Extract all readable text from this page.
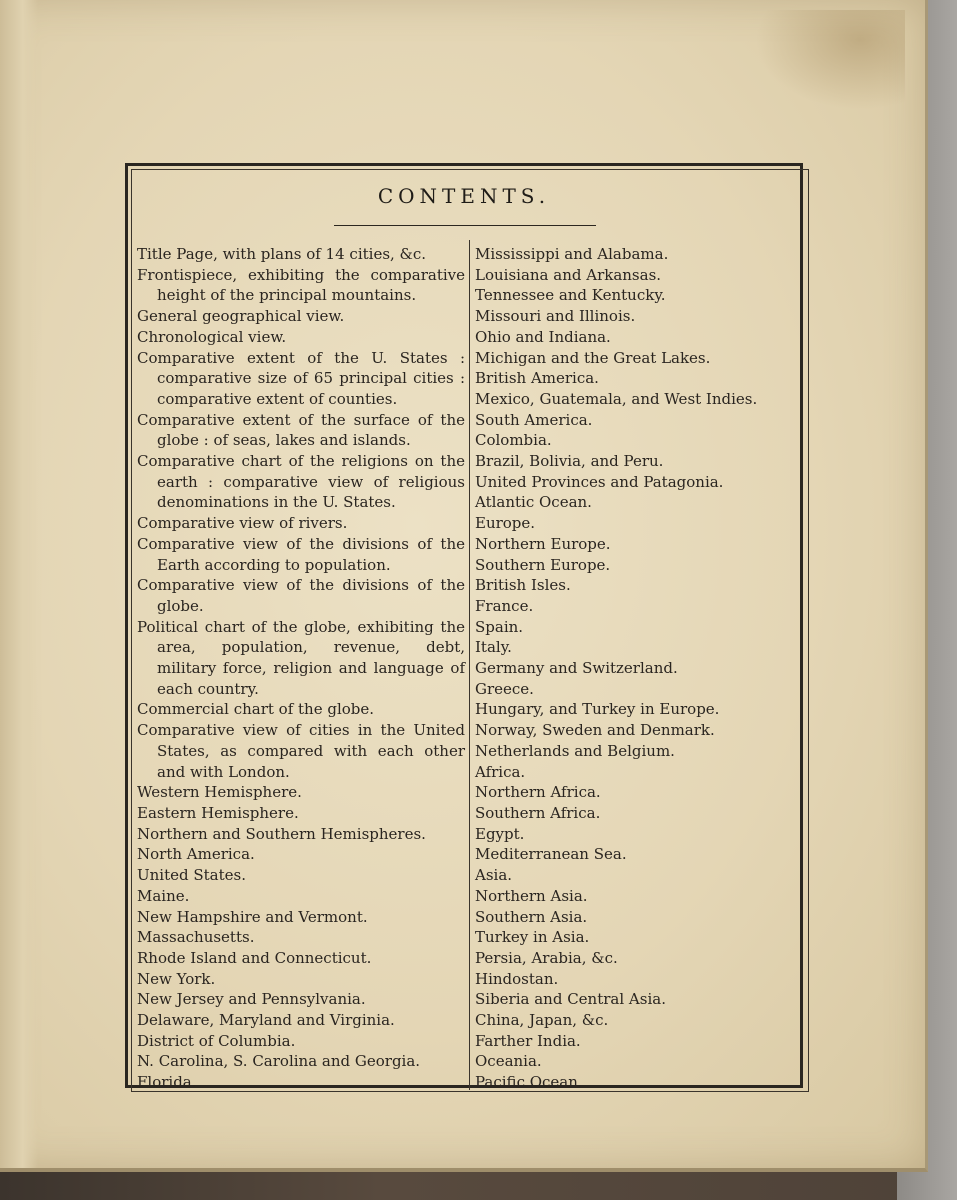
CONTENTS.
Title Page, with plans of 14 cities, &c.
Frontispiece, exhibiting the comparative height of the principal mountains.
General geographical view.
Chronological view.
Comparative extent of the U. States : comparative size of 65 principal cities : comparative extent of counties.
Comparative extent of the surface of the globe : of seas, lakes and islands.
Comparative chart of the religions on the earth : comparative view of religious denominations in the U. States.
Comparative view of rivers.
Comparative view of the divisions of the Earth according to population.
Comparative view of the divisions of the globe.
Political chart of the globe, exhibiting the area, population, revenue, debt, military force, religion and language of each country.
Commercial chart of the globe.
Comparative view of cities in the United States, as compared with each other and with London.
Western Hemisphere.
Eastern Hemisphere.
Northern and Southern Hemispheres.
North America.
United States.
Maine.
New Hampshire and Vermont.
Massachusetts.
Rhode Island and Connecticut.
New York.
New Jersey and Pennsylvania.
Delaware, Maryland and Virginia.
District of Columbia.
N. Carolina, S. Carolina and Georgia.
Florida.
Mississippi and Alabama.
Louisiana and Arkansas.
Tennessee and Kentucky.
Missouri and Illinois.
Ohio and Indiana.
Michigan and the Great Lakes.
British America.
Mexico, Guatemala, and West Indies.
South America.
Colombia.
Brazil, Bolivia, and Peru.
United Provinces and Patagonia.
Atlantic Ocean.
Europe.
Northern Europe.
Southern Europe.
British Isles.
France.
Spain.
Italy.
Germany and Switzerland.
Greece.
Hungary, and Turkey in Europe.
Norway, Sweden and Denmark.
Netherlands and Belgium.
Africa.
Northern Africa.
Southern Africa.
Egypt.
Mediterranean Sea.
Asia.
Northern Asia.
Southern Asia.
Turkey in Asia.
Persia, Arabia, &c.
Hindostan.
Siberia and Central Asia.
China, Japan, &c.
Farther India.
Oceania.
Pacific Ocean.
